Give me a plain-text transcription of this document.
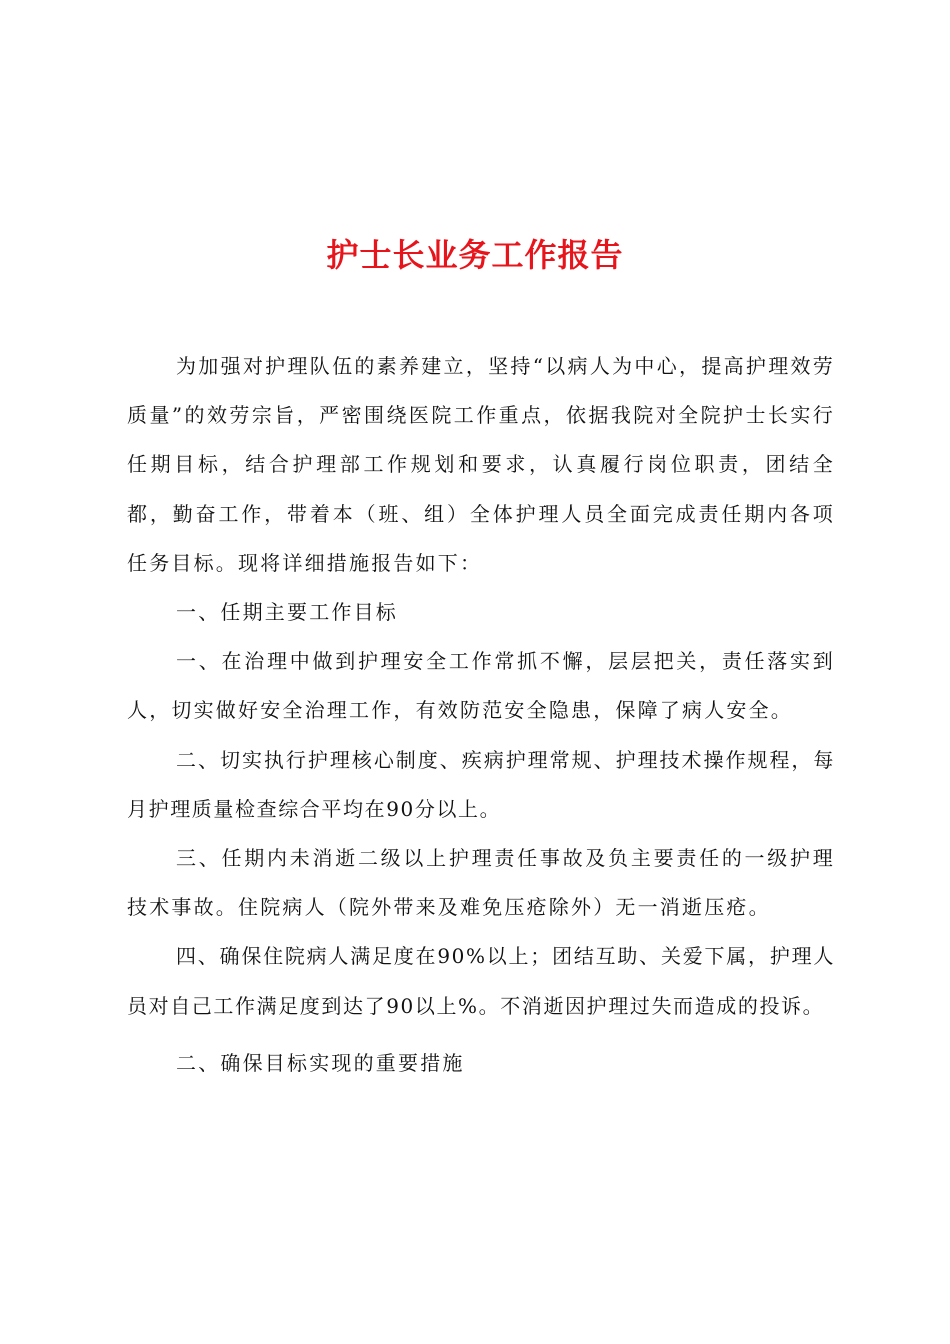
护士长业务工作报告

为加强对护理队伍的素养建立，坚持“以病人为中心，提高护理效劳质量”的效劳宗旨，严密围绕医院工作重点，依据我院对全院护士长实行任期目标，结合护理部工作规划和要求，认真履行岗位职责，团结全都，勤奋工作，带着本（班、组）全体护理人员全面完成责任期内各项任务目标。现将详细措施报告如下：

一、任期主要工作目标

一、在治理中做到护理安全工作常抓不懈，层层把关，责任落实到人，切实做好安全治理工作，有效防范安全隐患，保障了病人安全。

二、切实执行护理核心制度、疾病护理常规、护理技术操作规程，每月护理质量检查综合平均在90分以上。

三、任期内未消逝二级以上护理责任事故及负主要责任的一级护理技术事故。住院病人（院外带来及难免压疮除外）无一消逝压疮。

四、确保住院病人满足度在90%以上；团结互助、关爱下属，护理人员对自己工作满足度到达了90以上%。不消逝因护理过失而造成的投诉。

二、确保目标实现的重要措施
